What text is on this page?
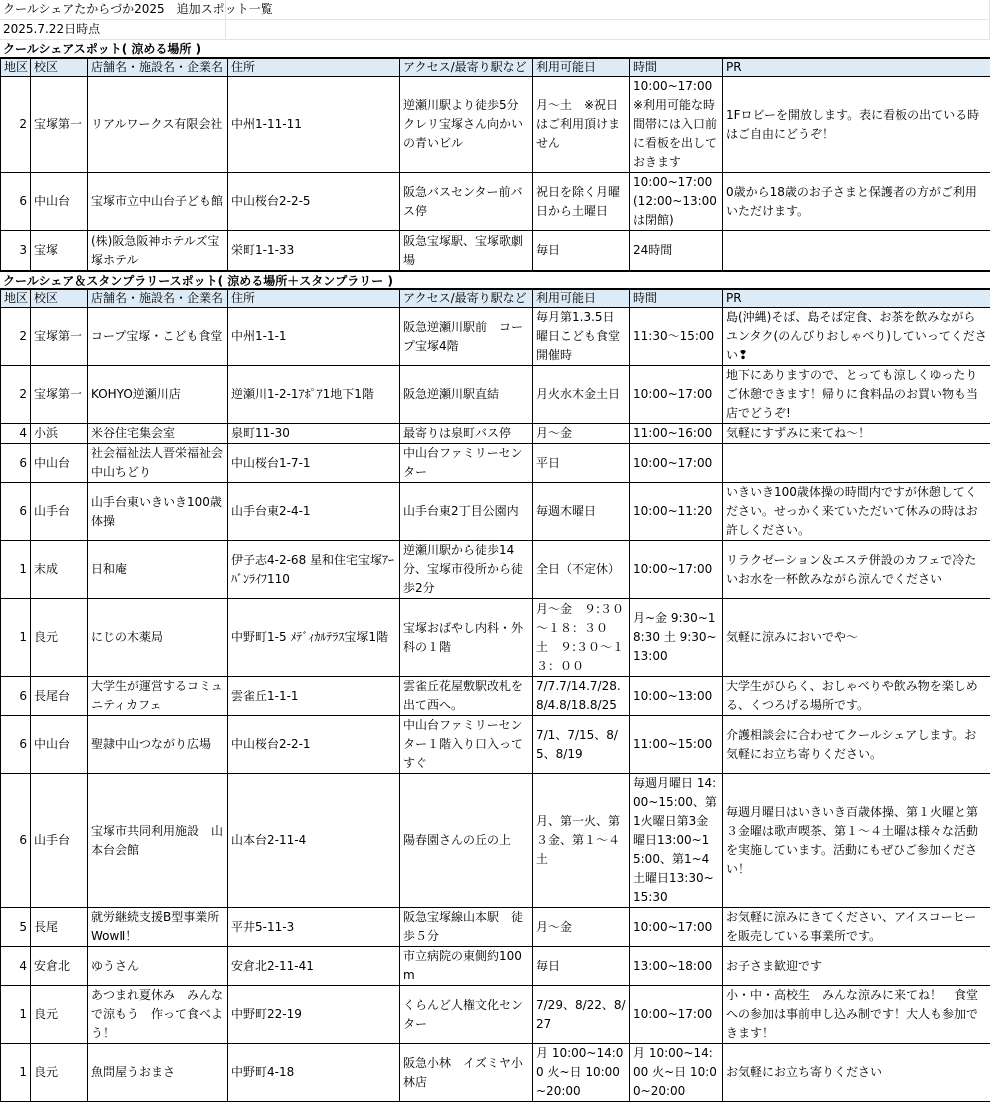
クールシェアたからづか2025　追加スポット一覧
2025.7.22日時点
クールシェアスポット( 涼める場所 )
地区	校区	店舗名・施設名・企業名	住所	アクセス/最寄り駅など	利用可能日	時間	PR
2	宝塚第一	リアルワークス有限会社	中州1-11-11	逆瀬川駅より徒歩5分クレリ宝塚さん向かいの青いビル	月～土　※祝日はご利用頂けません	10:00~17:00 ※利用可能な時間帯には入口前に看板を出しておきます	1Fロビーを開放します。表に看板の出ている時はご自由にどうぞ！
6	中山台	宝塚市立中山台子ども館	中山桜台2-2-5	阪急バスセンター前バス停	祝日を除く月曜日から土曜日	10:00~17:00(12:00~13:00は閉館)	0歳から18歳のお子さまと保護者の方がご利用いただけます。
3	宝塚	(株)阪急阪神ホテルズ宝塚ホテル	栄町1-1-33	阪急宝塚駅、宝塚歌劇場	毎日	24時間	
クールシェア＆スタンプラリースポット( 涼める場所＋スタンプラリー )
地区	校区	店舗名・施設名・企業名	住所	アクセス/最寄り駅など	利用可能日	時間	PR
2	宝塚第一	コープ宝塚・こども食堂	中州1-1-1	阪急逆瀬川駅前　コープ宝塚4階	毎月第1.3.5日曜日こども食堂開催時	11:30～15:00	島(沖縄)そば、島そば定食、お茶を飲みながらユンタク(のんびりおしゃべり)していってください❢
2	宝塚第一	KOHYO逆瀬川店	逆瀬川1-2-1ｱﾎﾟｱ1地下1階	阪急逆瀬川駅直結	月火水木金土日	10:00~17:00	地下にありますので、とっても涼しくゆったりご休憩できます！帰りに食料品のお買い物も当店でどうぞ!
4	小浜	米谷住宅集会室	泉町11-30	最寄りは泉町バス停	月～金	11:00~16:00	気軽にすずみに来てね～！
6	中山台	社会福祉法人晋栄福祉会中山ちどり	中山桜台1-7-1	中山台ファミリーセンター	平日	10:00~17:00	
6	山手台	山手台東いきいき100歳体操	山手台東2-4-1	山手台東2丁目公園内	毎週木曜日	10:00~11:20	いきいき100歳体操の時間内ですが休憩してください。せっかく来ていただいて休みの時はお許しください。
1	末成	日和庵	伊子志4-2-68 星和住宅宝塚ｱｰﾊﾞﾝﾗｲﾌ110	逆瀬川駅から徒歩14分、宝塚市役所から徒歩2分	全日（不定休）	10:00~17:00	リラクゼーション＆エステ併設のカフェで冷たいお水を一杯飲みながら涼んでください
1	良元	にじの木薬局	中野町1-5 ﾒﾃﾞｨｶﾙﾃﾗｽ宝塚1階	宝塚おばやし内科・外科の１階	月～金　９:３０～１８：３０　土　９:３０～１３：００	月~金 9:30~18:30 土 9:30~13:00	気軽に涼みにおいでや～
6	長尾台	大学生が運営するコミュニティカフェ	雲雀丘1-1-1	雲雀丘花屋敷駅改札を出て西へ。	7/7.7/14.7/28.8/4.8/18.8/25	10:00~13:00	大学生がひらく、おしゃべりや飲み物を楽しめる、くつろげる場所です。
6	中山台	聖隷中山つながり広場	中山桜台2-2-1	中山台ファミリーセンター１階入り口入ってすぐ	7/1、7/15、8/5、8/19	11:00~15:00	介護相談会に合わせてクールシェアします。お気軽にお立ち寄りください。
6	山手台	宝塚市共同利用施設　山本台会館	山本台2-11-4	陽春園さんの丘の上	月、第一火、第３金、第１～４土	毎週月曜日 14:00~15:00、第1火曜日第3金曜日13:00~15:00、第1~4土曜日13:30~15:30	毎週月曜日はいきいき百歳体操、第１火曜と第３金曜は歌声喫茶、第１～４土曜は様々な活動を実施しています。活動にもぜひご参加ください！
5	長尾	就労継続支援B型事業所WowⅡ！	平井5-11-3	阪急宝塚線山本駅　徒歩５分	月～金	10:00~17:00	お気軽に涼みにきてください、アイスコーヒーを販売している事業所です。
4	安倉北	ゆうさん	安倉北2-11-41	市立病院の東側約100m	毎日	13:00~18:00	お子さま歓迎です
1	良元	あつまれ夏休み　みんなで涼もう　作って食べよう！	中野町22-19	くらんど人権文化センター	7/29、8/22、8/27	10:00~17:00	小・中・高校生　みんな涼みに来てね！　食堂への参加は事前申し込み制です！大人も参加できます！
1	良元	魚問屋うおまさ	中野町4-18	阪急小林　イズミヤ小林店	月 10:00~14:00 火~日 10:00~20:00	月 10:00~14:00 火~日 10:00~20:00	お気軽にお立ち寄りください
